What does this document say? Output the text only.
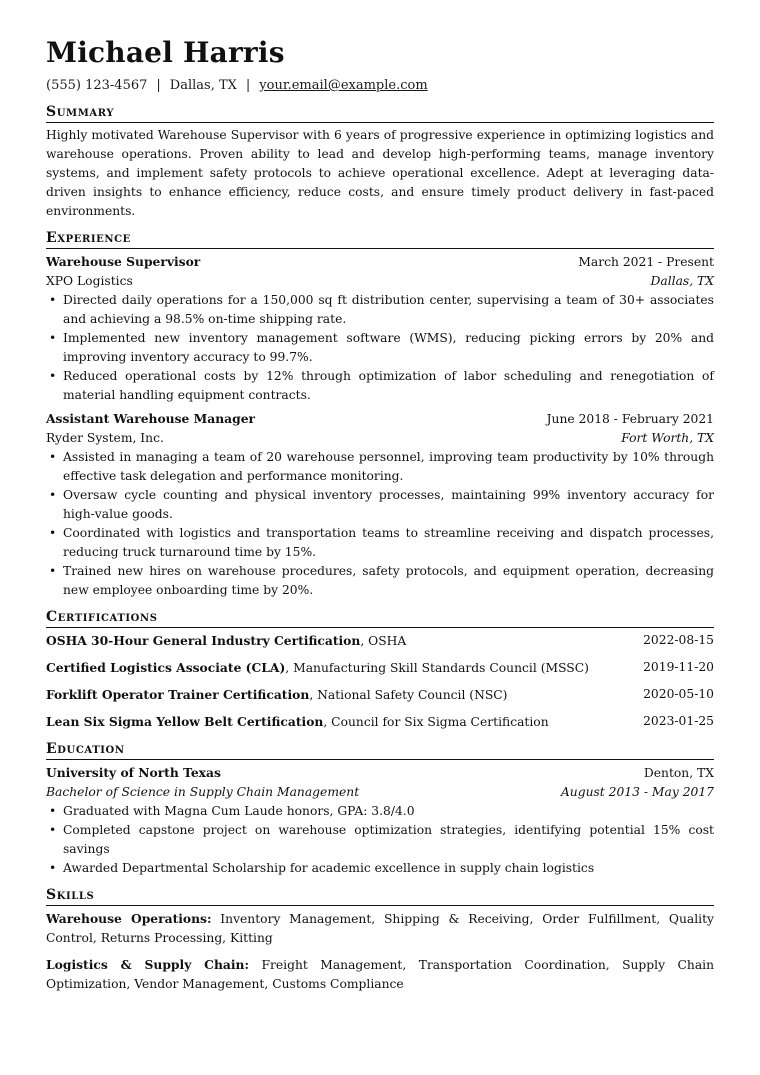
Michael Harris
(555) 123-4567 | Dallas, TX | your.email@example.com
Summary

Highly motivated Warehouse Supervisor with 6 years of progressive experience in optimizing logistics and warehouse operations. Proven ability to lead and develop high-performing teams, manage inventory systems, and implement safety protocols to achieve operational excellence. Adept at leveraging data-driven insights to enhance efficiency, reduce costs, and ensure timely product delivery in fast-paced environments.

Experience
Warehouse Supervisor	March 2021 - Present
XPO Logistics	Dallas, TX
• Directed daily operations for a 150,000 sq ft distribution center, supervising a team of 30+ associates and achieving a 98.5% on-time shipping rate.
• Implemented new inventory management software (WMS), reducing picking errors by 20% and improving inventory accuracy to 99.7%.
• Reduced operational costs by 12% through optimization of labor scheduling and renegotiation of material handling equipment contracts.
Assistant Warehouse Manager	June 2018 - February 2021
Ryder System, Inc.	Fort Worth, TX
• Assisted in managing a team of 20 warehouse personnel, improving team productivity by 10% through effective task delegation and performance monitoring.
• Oversaw cycle counting and physical inventory processes, maintaining 99% inventory accuracy for high-value goods.
• Coordinated with logistics and transportation teams to streamline receiving and dispatch processes, reducing truck turnaround time by 15%.
• Trained new hires on warehouse procedures, safety protocols, and equipment operation, decreasing new employee onboarding time by 20%.
Certifications
OSHA 30-Hour General Industry Certification, OSHA	2022-08-15
Certified Logistics Associate (CLA), Manufacturing Skill Standards Council (MSSC)	2019-11-20
Forklift Operator Trainer Certification, National Safety Council (NSC)	2020-05-10
Lean Six Sigma Yellow Belt Certification, Council for Six Sigma Certification	2023-01-25
Education
University of North Texas	Denton, TX
Bachelor of Science in Supply Chain Management	August 2013 - May 2017
• Graduated with Magna Cum Laude honors, GPA: 3.8/4.0
• Completed capstone project on warehouse optimization strategies, identifying potential 15% cost savings
• Awarded Departmental Scholarship for academic excellence in supply chain logistics
Skills

Warehouse Operations: Inventory Management, Shipping & Receiving, Order Fulfillment, Quality Control, Returns Processing, Kitting

Logistics & Supply Chain: Freight Management, Transportation Coordination, Supply Chain Optimization, Vendor Management, Customs Compliance
